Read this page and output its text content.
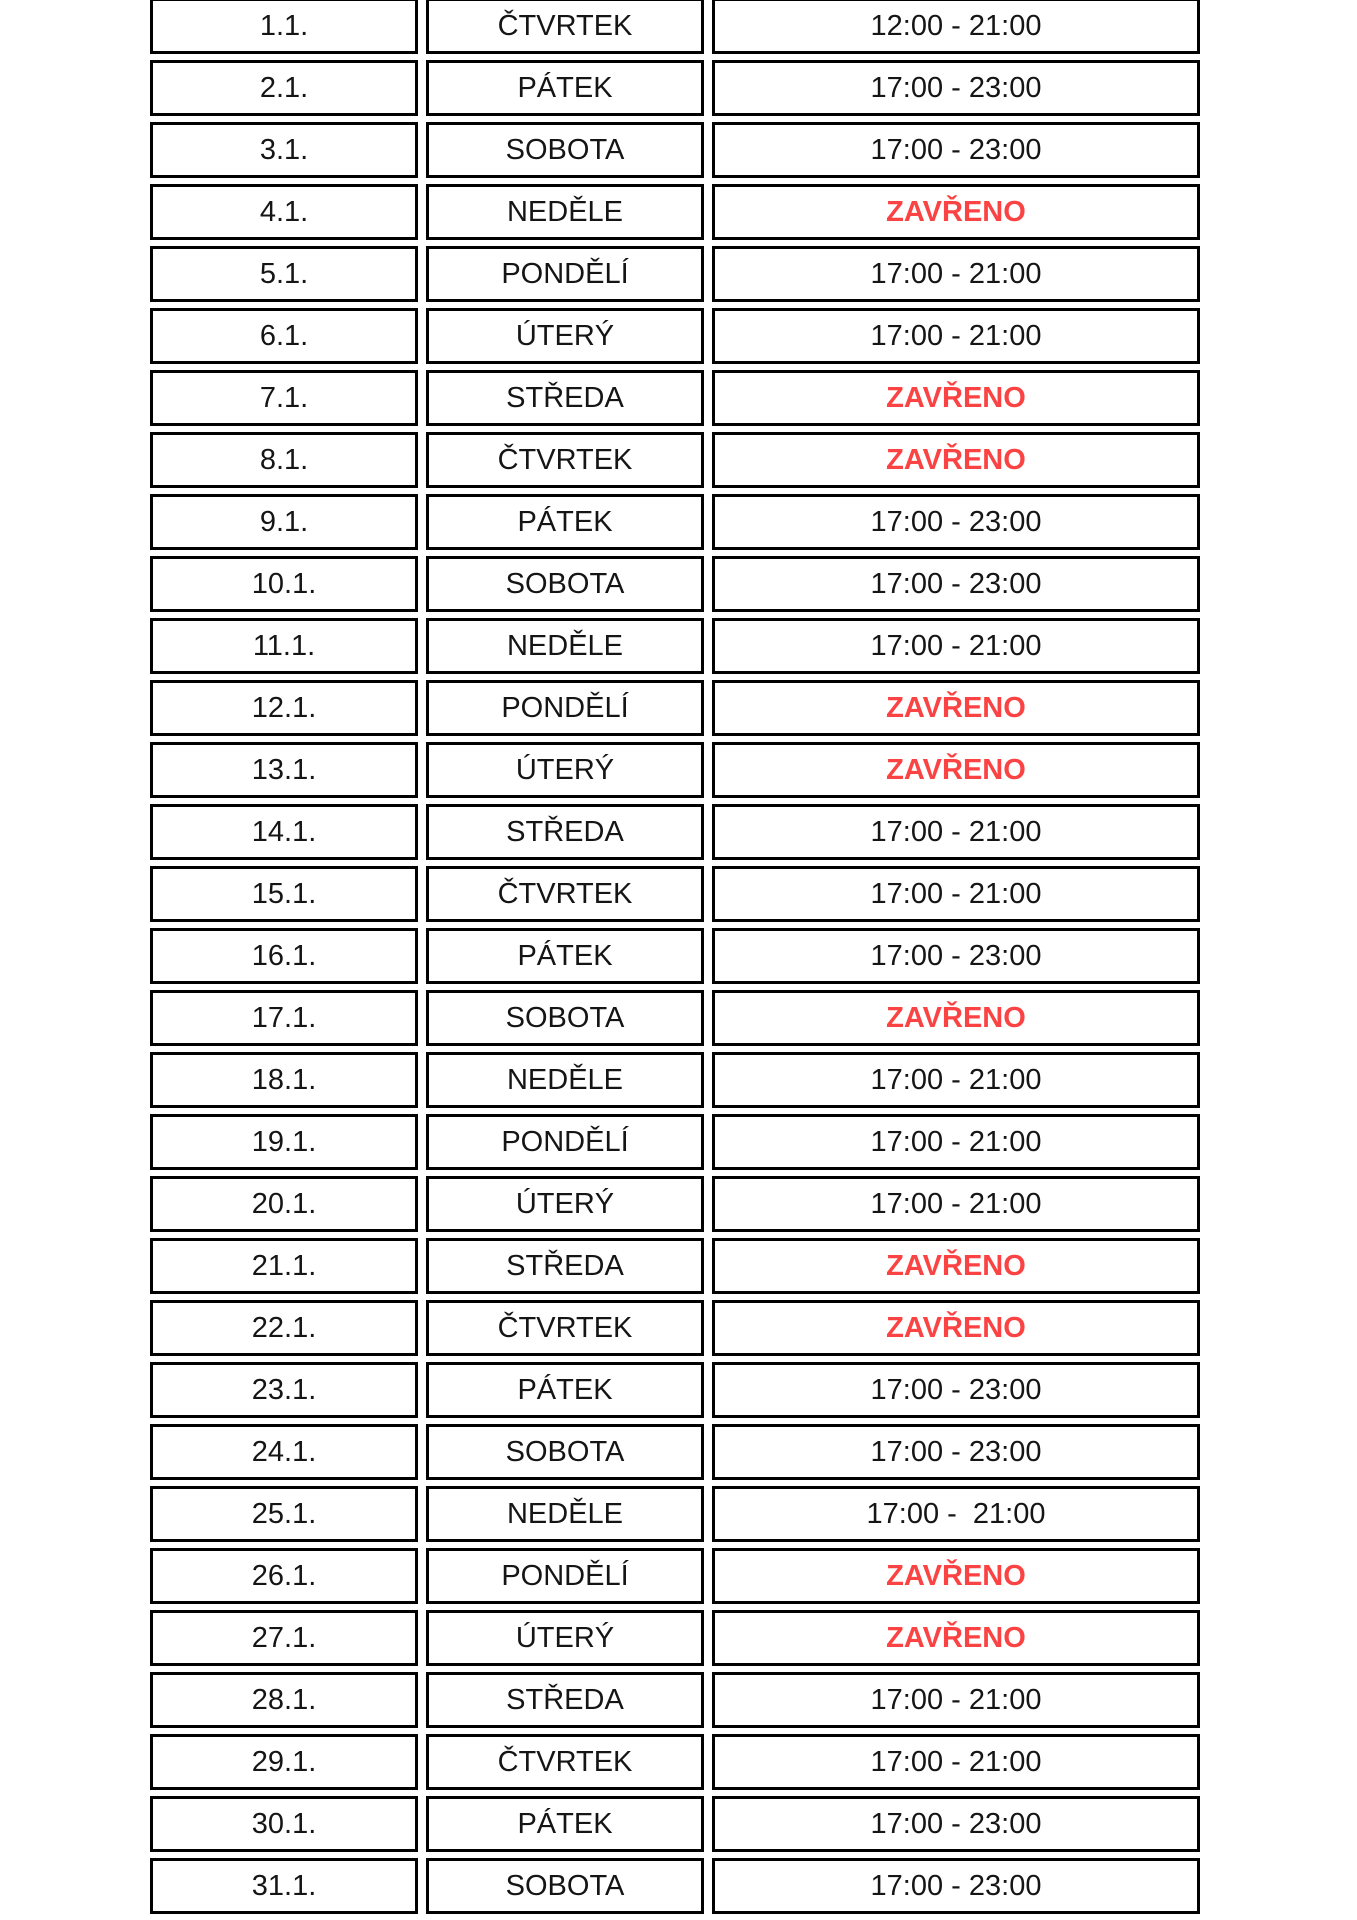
1.1.	ČTVRTEK	12:00 - 21:00
2.1.	PÁTEK	17:00 - 23:00
3.1.	SOBOTA	17:00 - 23:00
4.1.	NEDĚLE	ZAVŘENO
5.1.	PONDĚLÍ	17:00 - 21:00
6.1.	ÚTERÝ	17:00 - 21:00
7.1.	STŘEDA	ZAVŘENO
8.1.	ČTVRTEK	ZAVŘENO
9.1.	PÁTEK	17:00 - 23:00
10.1.	SOBOTA	17:00 - 23:00
11.1.	NEDĚLE	17:00 - 21:00
12.1.	PONDĚLÍ	ZAVŘENO
13.1.	ÚTERÝ	ZAVŘENO
14.1.	STŘEDA	17:00 - 21:00
15.1.	ČTVRTEK	17:00 - 21:00
16.1.	PÁTEK	17:00 - 23:00
17.1.	SOBOTA	ZAVŘENO
18.1.	NEDĚLE	17:00 - 21:00
19.1.	PONDĚLÍ	17:00 - 21:00
20.1.	ÚTERÝ	17:00 - 21:00
21.1.	STŘEDA	ZAVŘENO
22.1.	ČTVRTEK	ZAVŘENO
23.1.	PÁTEK	17:00 - 23:00
24.1.	SOBOTA	17:00 - 23:00
25.1.	NEDĚLE	17:00 -  21:00
26.1.	PONDĚLÍ	ZAVŘENO
27.1.	ÚTERÝ	ZAVŘENO
28.1.	STŘEDA	17:00 - 21:00
29.1.	ČTVRTEK	17:00 - 21:00
30.1.	PÁTEK	17:00 - 23:00
31.1.	SOBOTA	17:00 - 23:00
